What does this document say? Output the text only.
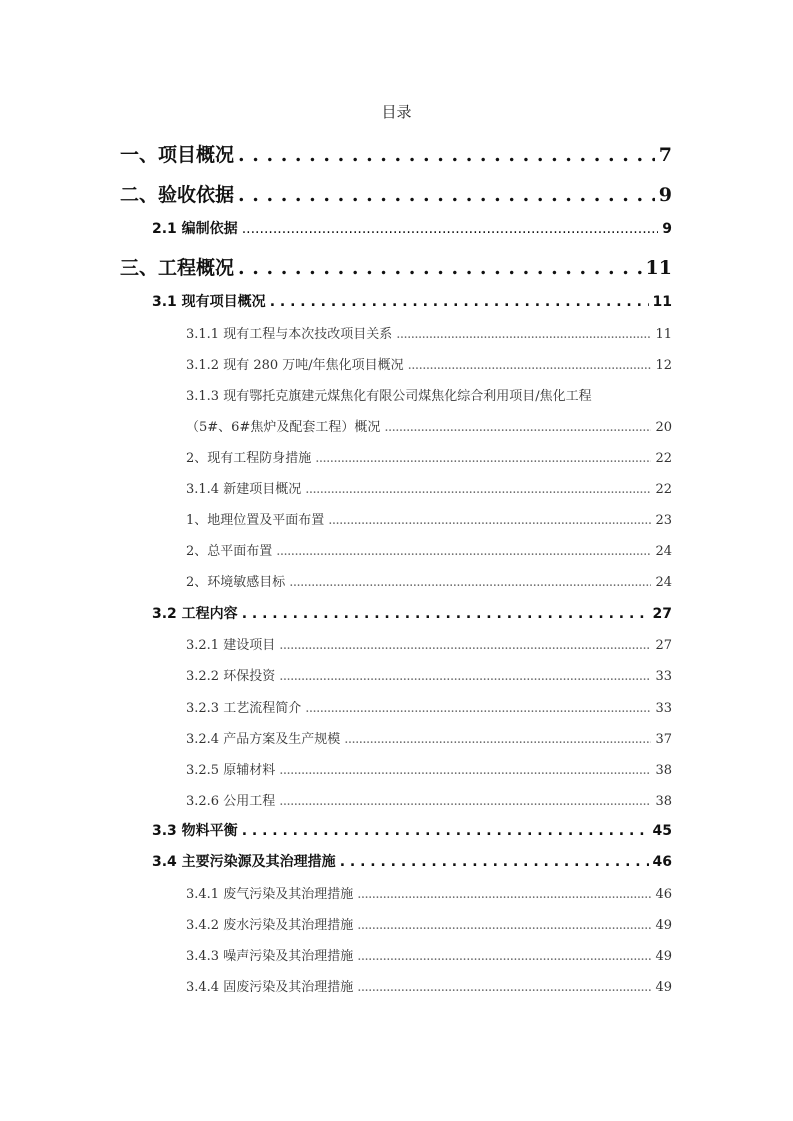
目录
一、项目概况 . . .	7
二、验收依据 . . .	9
2.1 编制依据 .....	9
三、工程概况 . . .	11
3.1 现有项目概况 . . .	11
3.1.1 现有工程与本次技改项目关系 .....	11
3.1.2 现有 280 万吨/年焦化项目概况 .....	12
3.1.3 现有鄂托克旗建元煤焦化有限公司煤焦化综合利用项目/焦化工程
（5#、6#焦炉及配套工程）概况 .....	20
2、现有工程防身措施 .....	22
3.1.4 新建项目概况 .....	22
1、地理位置及平面布置 .....	23
2、总平面布置 .....	24
2、环境敏感目标 .....	24
3.2 工程内容 . . .	27
3.2.1 建设项目 .....	27
3.2.2 环保投资 .....	33
3.2.3 工艺流程简介 .....	33
3.2.4 产品方案及生产规模 .....	37
3.2.5 原辅材料 .....	38
3.2.6 公用工程 .....	38
3.3 物料平衡 . . .	45
3.4 主要污染源及其治理措施 . . .	46
3.4.1 废气污染及其治理措施 .....	46
3.4.2 废水污染及其治理措施 .....	49
3.4.3 噪声污染及其治理措施 .....	49
3.4.4 固废污染及其治理措施 .....	49
